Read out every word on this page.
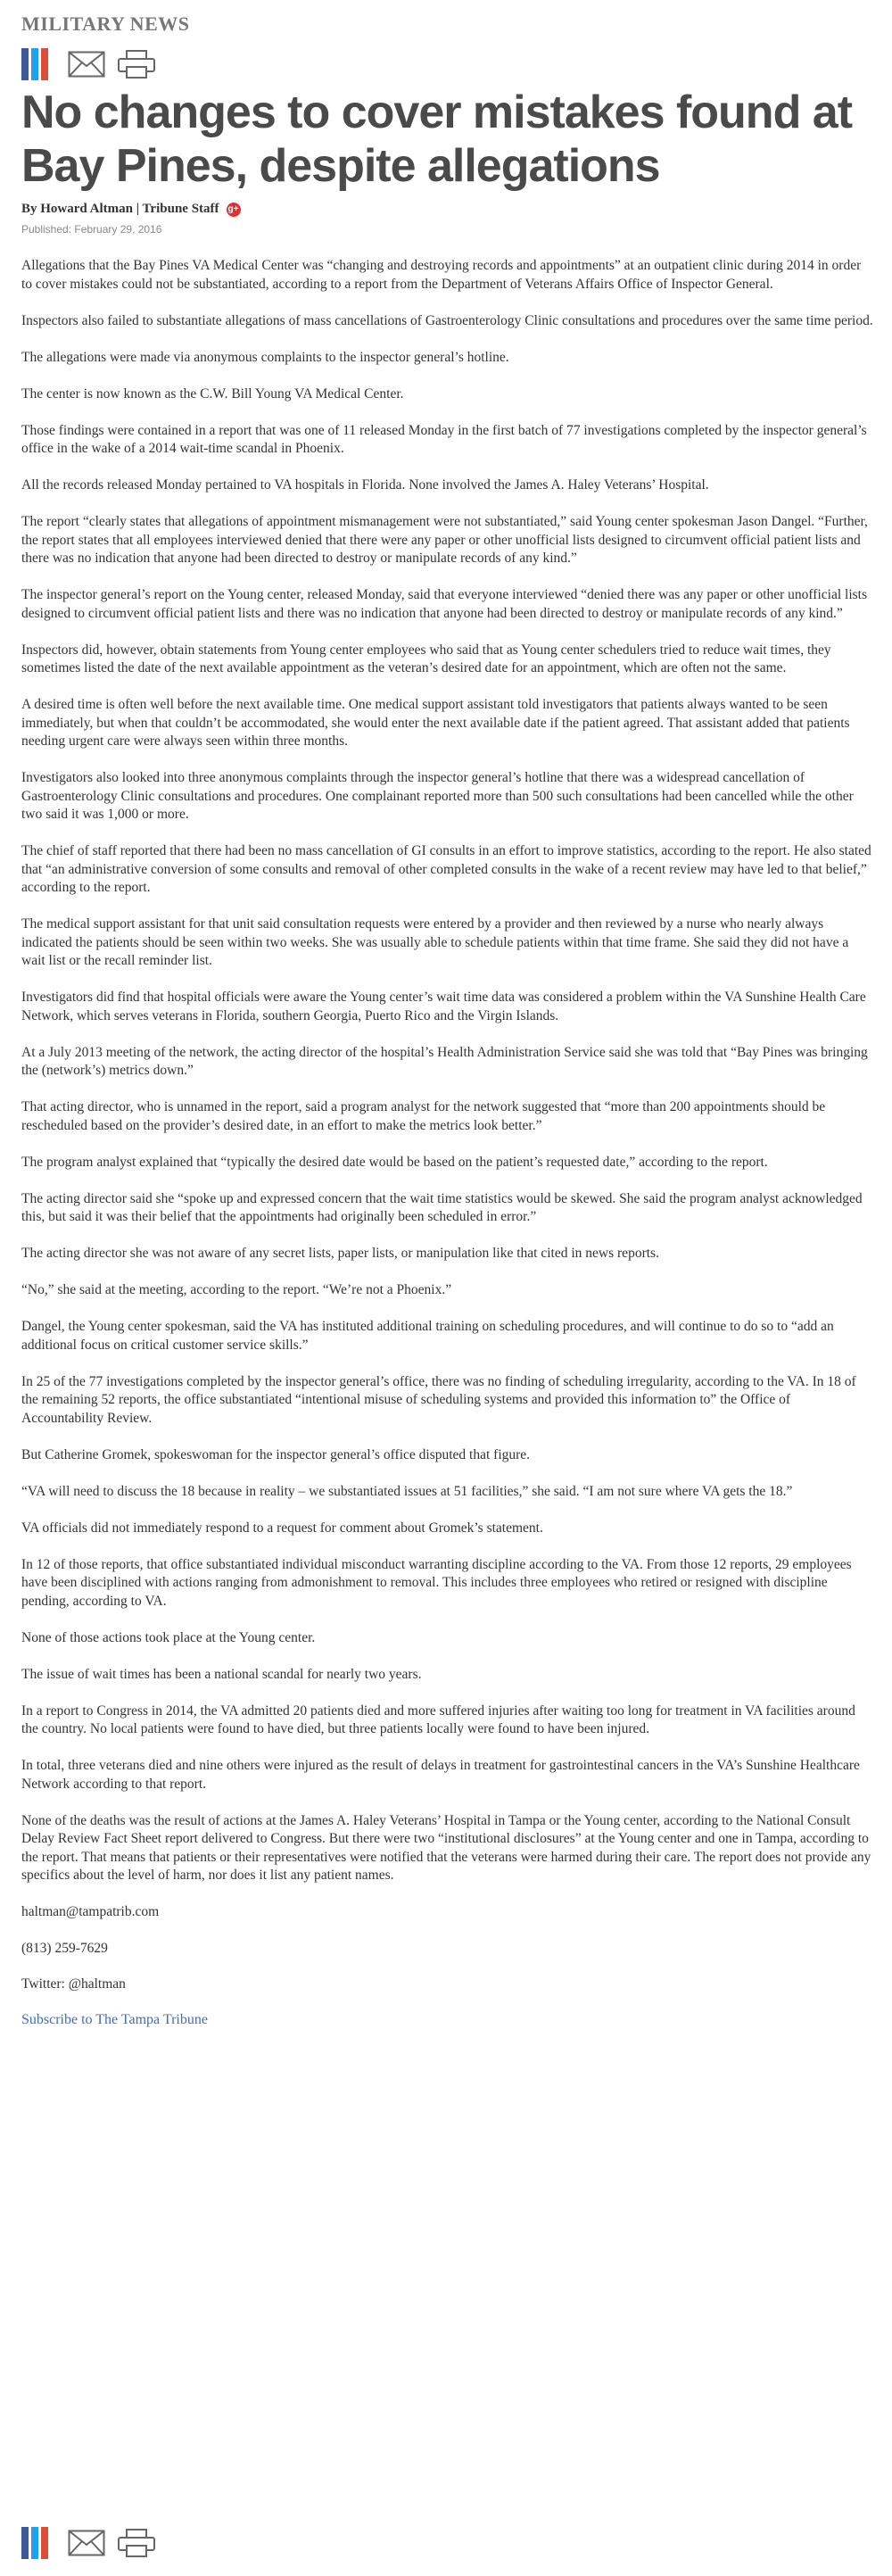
MILITARY NEWS
No changes to cover mistakes found at Bay Pines, despite allegations
By Howard Altman | Tribune Staff g+
Published: February 29, 2016

Allegations that the Bay Pines VA Medical Center was “changing and destroying records and appointments” at an outpatient clinic during 2014 in order to cover mistakes could not be substantiated, according to a report from the Department of Veterans Affairs Office of Inspector General.

Inspectors also failed to substantiate allegations of mass cancellations of Gastroenterology Clinic consultations and procedures over the same time period.

The allegations were made via anonymous complaints to the inspector general’s hotline.

The center is now known as the C.W. Bill Young VA Medical Center.

Those findings were contained in a report that was one of 11 released Monday in the first batch of 77 investigations completed by the inspector general’s office in the wake of a 2014 wait-time scandal in Phoenix.

All the records released Monday pertained to VA hospitals in Florida. None involved the James A. Haley Veterans’ Hospital.

The report “clearly states that allegations of appointment mismanagement were not substantiated,” said Young center spokesman Jason Dangel. “Further, the report states that all employees interviewed denied that there were any paper or other unofficial lists designed to circumvent official patient lists and there was no indication that anyone had been directed to destroy or manipulate records of any kind.”

The inspector general’s report on the Young center, released Monday, said that everyone interviewed “denied there was any paper or other unofficial lists designed to circumvent official patient lists and there was no indication that anyone had been directed to destroy or manipulate records of any kind.”

Inspectors did, however, obtain statements from Young center employees who said that as Young center schedulers tried to reduce wait times, they sometimes listed the date of the next available appointment as the veteran’s desired date for an appointment, which are often not the same.

A desired time is often well before the next available time. One medical support assistant told investigators that patients always wanted to be seen immediately, but when that couldn’t be accommodated, she would enter the next available date if the patient agreed. That assistant added that patients needing urgent care were always seen within three months.

Investigators also looked into three anonymous complaints through the inspector general’s hotline that there was a widespread cancellation of Gastroenterology Clinic consultations and procedures. One complainant reported more than 500 such consultations had been cancelled while the other two said it was 1,000 or more.

The chief of staff reported that there had been no mass cancellation of GI consults in an effort to improve statistics, according to the report. He also stated that “an administrative conversion of some consults and removal of other completed consults in the wake of a recent review may have led to that belief,” according to the report.

The medical support assistant for that unit said consultation requests were entered by a provider and then reviewed by a nurse who nearly always indicated the patients should be seen within two weeks. She was usually able to schedule patients within that time frame. She said they did not have a wait list or the recall reminder list.

Investigators did find that hospital officials were aware the Young center’s wait time data was considered a problem within the VA Sunshine Health Care Network, which serves veterans in Florida, southern Georgia, Puerto Rico and the Virgin Islands.

At a July 2013 meeting of the network, the acting director of the hospital’s Health Administration Service said she was told that “Bay Pines was bringing the (network’s) metrics down.”

That acting director, who is unnamed in the report, said a program analyst for the network suggested that “more than 200 appointments should be rescheduled based on the provider’s desired date, in an effort to make the metrics look better.”

The program analyst explained that “typically the desired date would be based on the patient’s requested date,” according to the report.

The acting director said she “spoke up and expressed concern that the wait time statistics would be skewed. She said the program analyst acknowledged this, but said it was their belief that the appointments had originally been scheduled in error.”

The acting director she was not aware of any secret lists, paper lists, or manipulation like that cited in news reports.

“No,” she said at the meeting, according to the report. “We’re not a Phoenix.”

Dangel, the Young center spokesman, said the VA has instituted additional training on scheduling procedures, and will continue to do so to “add an additional focus on critical customer service skills.”

In 25 of the 77 investigations completed by the inspector general’s office, there was no finding of scheduling irregularity, according to the VA. In 18 of the remaining 52 reports, the office substantiated “intentional misuse of scheduling systems and provided this information to” the Office of Accountability Review.

But Catherine Gromek, spokeswoman for the inspector general’s office disputed that figure.

“VA will need to discuss the 18 because in reality – we substantiated issues at 51 facilities,” she said. “I am not sure where VA gets the 18.”

VA officials did not immediately respond to a request for comment about Gromek’s statement.

In 12 of those reports, that office substantiated individual misconduct warranting discipline according to the VA. From those 12 reports, 29 employees have been disciplined with actions ranging from admonishment to removal. This includes three employees who retired or resigned with discipline pending, according to VA.

None of those actions took place at the Young center.

The issue of wait times has been a national scandal for nearly two years.

In a report to Congress in 2014, the VA admitted 20 patients died and more suffered injuries after waiting too long for treatment in VA facilities around the country. No local patients were found to have died, but three patients locally were found to have been injured.

In total, three veterans died and nine others were injured as the result of delays in treatment for gastrointestinal cancers in the VA’s Sunshine Healthcare Network according to that report.

None of the deaths was the result of actions at the James A. Haley Veterans’ Hospital in Tampa or the Young center, according to the National Consult Delay Review Fact Sheet report delivered to Congress. But there were two “institutional disclosures” at the Young center and one in Tampa, according to the report. That means that patients or their representatives were notified that the veterans were harmed during their care. The report does not provide any specifics about the level of harm, nor does it list any patient names.

haltman@tampatrib.com

(813) 259-7629

Twitter: @haltman

Subscribe to The Tampa Tribune
